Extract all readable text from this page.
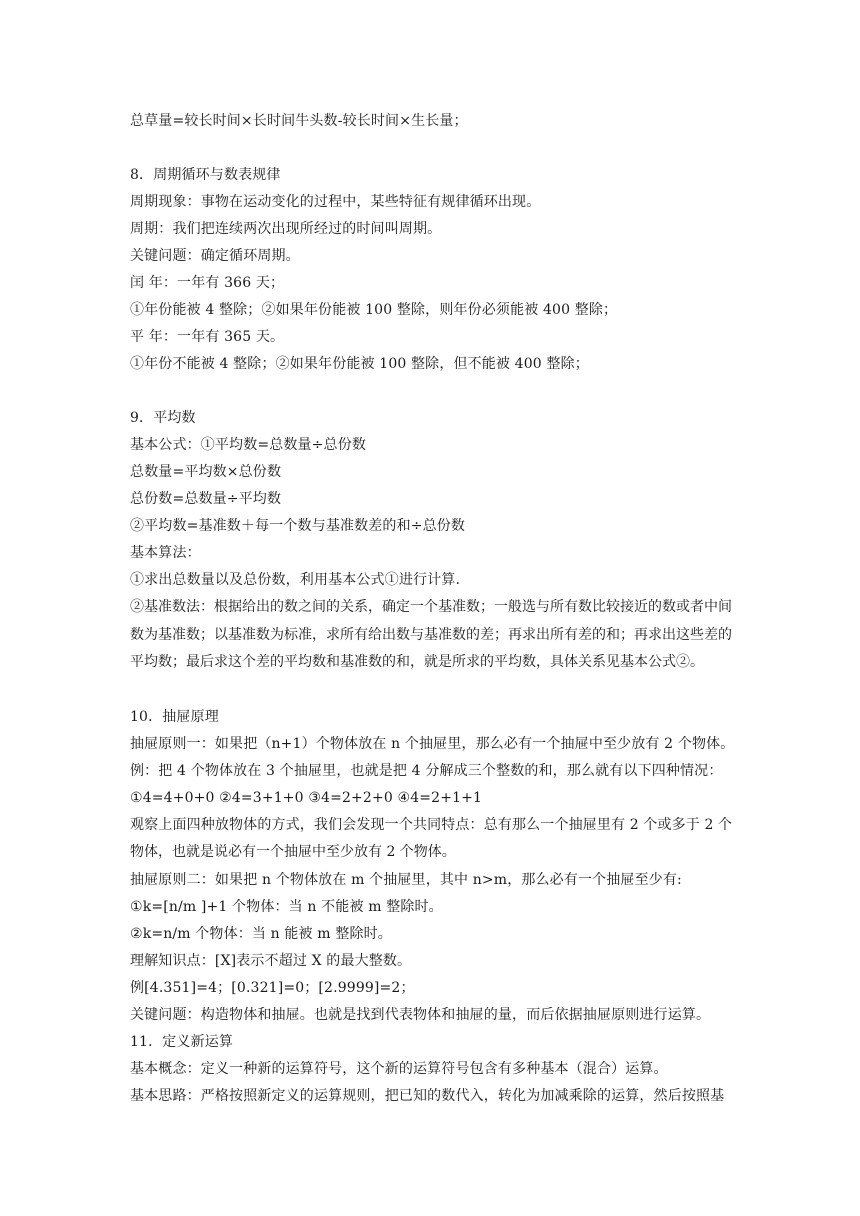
总草量=较长时间×长时间牛头数-较长时间×生长量；
8．周期循环与数表规律
周期现象：事物在运动变化的过程中，某些特征有规律循环出现。
周期：我们把连续两次出现所经过的时间叫周期。
关键问题：确定循环周期。
闰 年：一年有 366 天；
①年份能被 4 整除；②如果年份能被 100 整除，则年份必须能被 400 整除；
平 年：一年有 365 天。
①年份不能被 4 整除；②如果年份能被 100 整除，但不能被 400 整除；
9．平均数
基本公式：①平均数=总数量÷总份数
总数量=平均数×总份数
总份数=总数量÷平均数
②平均数=基准数＋每一个数与基准数差的和÷总份数
基本算法：
①求出总数量以及总份数，利用基本公式①进行计算.
②基准数法：根据给出的数之间的关系，确定一个基准数；一般选与所有数比较接近的数或者中间数为基准数；以基准数为标准，求所有给出数与基准数的差；再求出所有差的和；再求出这些差的平均数；最后求这个差的平均数和基准数的和，就是所求的平均数，具体关系见基本公式②。
10．抽屉原理
抽屉原则一：如果把（n+1）个物体放在 n 个抽屉里，那么必有一个抽屉中至少放有 2 个物体。
例：把 4 个物体放在 3 个抽屉里，也就是把 4 分解成三个整数的和，那么就有以下四种情况：
①4=4+0+0 ②4=3+1+0 ③4=2+2+0 ④4=2+1+1
观察上面四种放物体的方式，我们会发现一个共同特点：总有那么一个抽屉里有 2 个或多于 2 个物体，也就是说必有一个抽屉中至少放有 2 个物体。
抽屉原则二：如果把 n 个物体放在 m 个抽屉里，其中 n>m，那么必有一个抽屉至少有:
①k=[n/m ]+1 个物体：当 n 不能被 m 整除时。
②k=n/m 个物体：当 n 能被 m 整除时。
理解知识点：[X]表示不超过 X 的最大整数。
例[4.351]=4；[0.321]=0；[2.9999]=2；
关键问题：构造物体和抽屉。也就是找到代表物体和抽屉的量，而后依据抽屉原则进行运算。
11．定义新运算
基本概念：定义一种新的运算符号，这个新的运算符号包含有多种基本（混合）运算。
基本思路：严格按照新定义的运算规则，把已知的数代入，转化为加减乘除的运算，然后按照基
